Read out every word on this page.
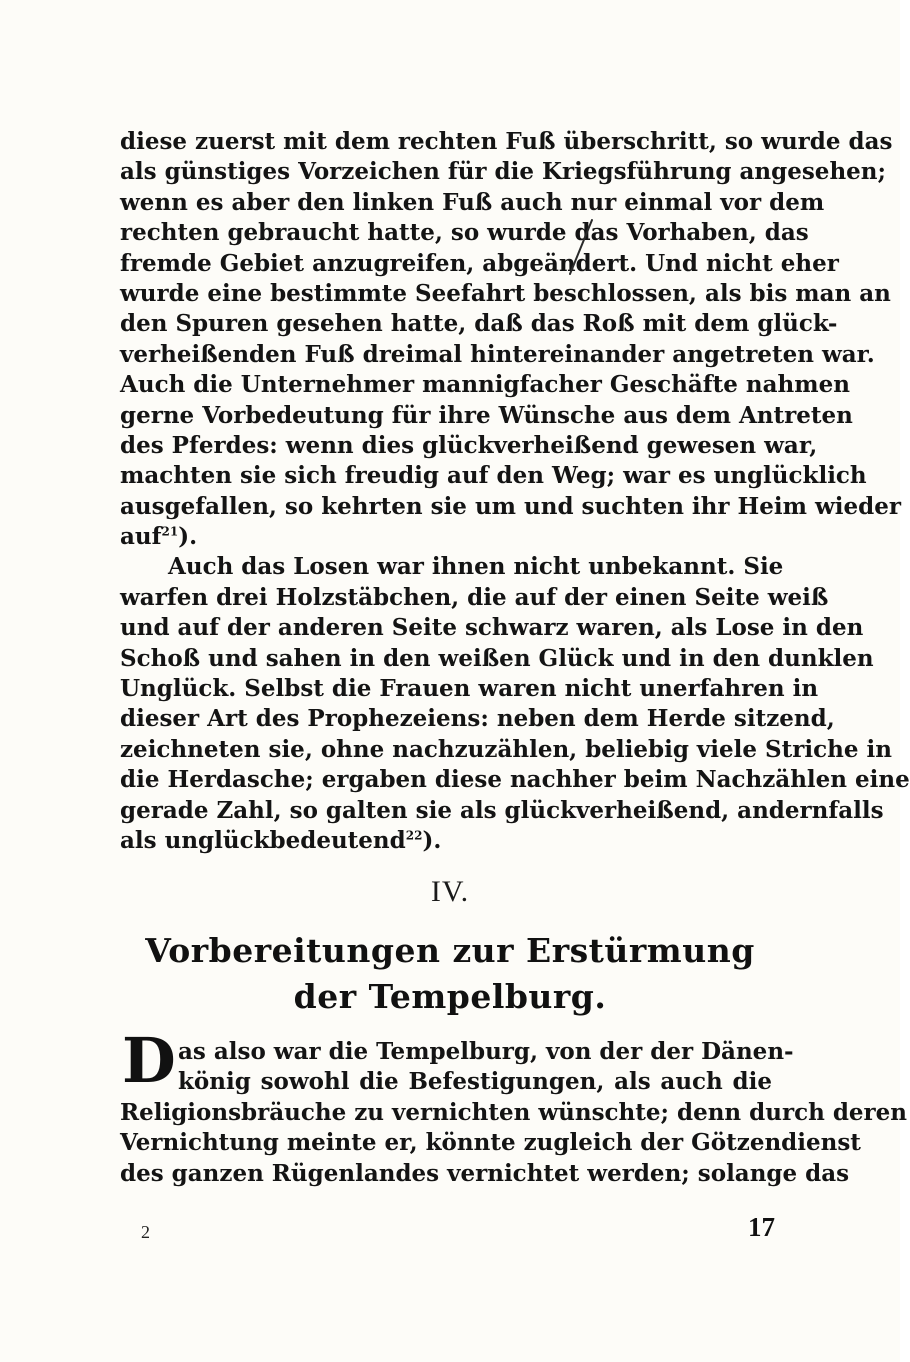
diese zuerst mit dem rechten Fuß überschritt, so wurde das
als günstiges Vorzeichen für die Kriegsführung angesehen;
wenn es aber den linken Fuß auch nur einmal vor dem
rechten gebraucht hatte, so wurde das Vorhaben, das
fremde Gebiet anzugreifen, abgeändert. Und nicht eher
wurde eine bestimmte Seefahrt beschlossen, als bis man an
den Spuren gesehen hatte, daß das Roß mit dem glück-
verheißenden Fuß dreimal hintereinander angetreten war.
Auch die Unternehmer mannigfacher Geschäfte nahmen
gerne Vorbedeutung für ihre Wünsche aus dem Antreten
des Pferdes: wenn dies glückverheißend gewesen war,
machten sie sich freudig auf den Weg; war es unglücklich
ausgefallen, so kehrten sie um und suchten ihr Heim wieder
auf$^{21}$).
Auch das Losen war ihnen nicht unbekannt. Sie
warfen drei Holzstäbchen, die auf der einen Seite weiß
und auf der anderen Seite schwarz waren, als Lose in den
Schoß und sahen in den weißen Glück und in den dunklen
Unglück. Selbst die Frauen waren nicht unerfahren in
dieser Art des Prophezeiens: neben dem Herde sitzend,
zeichneten sie, ohne nachzuzählen, beliebig viele Striche in
die Herdasche; ergaben diese nachher beim Nachzählen eine
gerade Zahl, so galten sie als glückverheißend, andernfalls
als unglückbedeutend$^{22}$).
IV.
Vorbereitungen zur Erstürmung
der Tempelburg.
D as also war die Tempelburg, von der der Dänen-
könig sowohl die Befestigungen, als auch die
Religionsbräuche zu vernichten wünschte; denn durch deren
Vernichtung meinte er, könnte zugleich der Götzendienst
des ganzen Rügenlandes vernichtet werden; solange das
2	17
